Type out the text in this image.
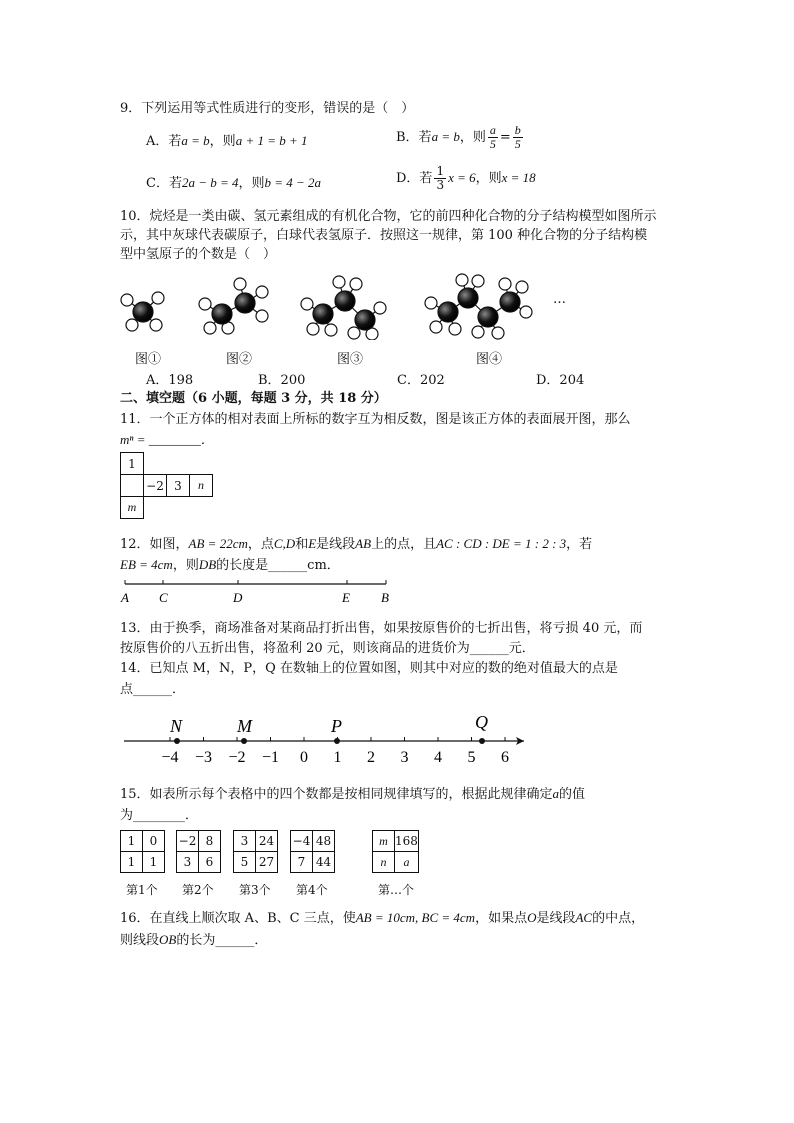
9．下列运用等式性质进行的变形，错误的是（　）
A．若a = b，则a + 1 = b + 1	B．若a = b，则 $\frac{a}{5} = \frac{b}{5}$
C．若2a − b = 4，则b = 4 − 2a	D．若 $\frac{1}{3}$ x = 6，则x = 18
10．烷烃是一类由碳、氢元素组成的有机化合物，它的前四种化合物的分子结构模型如图所示
示，其中灰球代表碳原子，白球代表氢原子．按照这一规律，第 100 种化合物的分子结构模
型中氢原子的个数是（　）
…
图①	图②	图③	图④
A．198	B．200	C．202	D．204
二、填空题（6 小题，每题 3 分，共 18 分）
11．一个正方体的相对表面上所标的数字互为相反数，图是该正方体的表面展开图，那么
mⁿ = ________．
1				
	−2	3	n	
m				
12．如图，AB = 22cm，点C,D和E是线段AB上的点，且AC : CD : DE = 1 : 2 : 3，若
EB = 4cm，则DB的长度是______cm．
A C	D	E B
13．由于换季，商场准备对某商品打折出售，如果按原售价的七折出售，将亏损 40 元，而
按原售价的八五折出售，将盈利 20 元，则该商品的进货价为______元．
14．已知点 M，N，P，Q 在数轴上的位置如图，则其中对应的数的绝对值最大的点是
点______．
−4 −3 −2 −1 0 1 2 3 4 5 6
N	M	P	Q
15．如表所示每个表格中的四个数都是按相同规律填写的，根据此规律确定a的值
为________．
1	0
1	1
−2	8
3	6
3	24
5	27
−4	48
7	44
m	168
n	a
第1个 第2个 第3个 第4个	第…个
16．在直线上顺次取 A、B、C 三点，使AB = 10cm, BC = 4cm，如果点O是线段AC的中点，
则线段OB的长为______．
